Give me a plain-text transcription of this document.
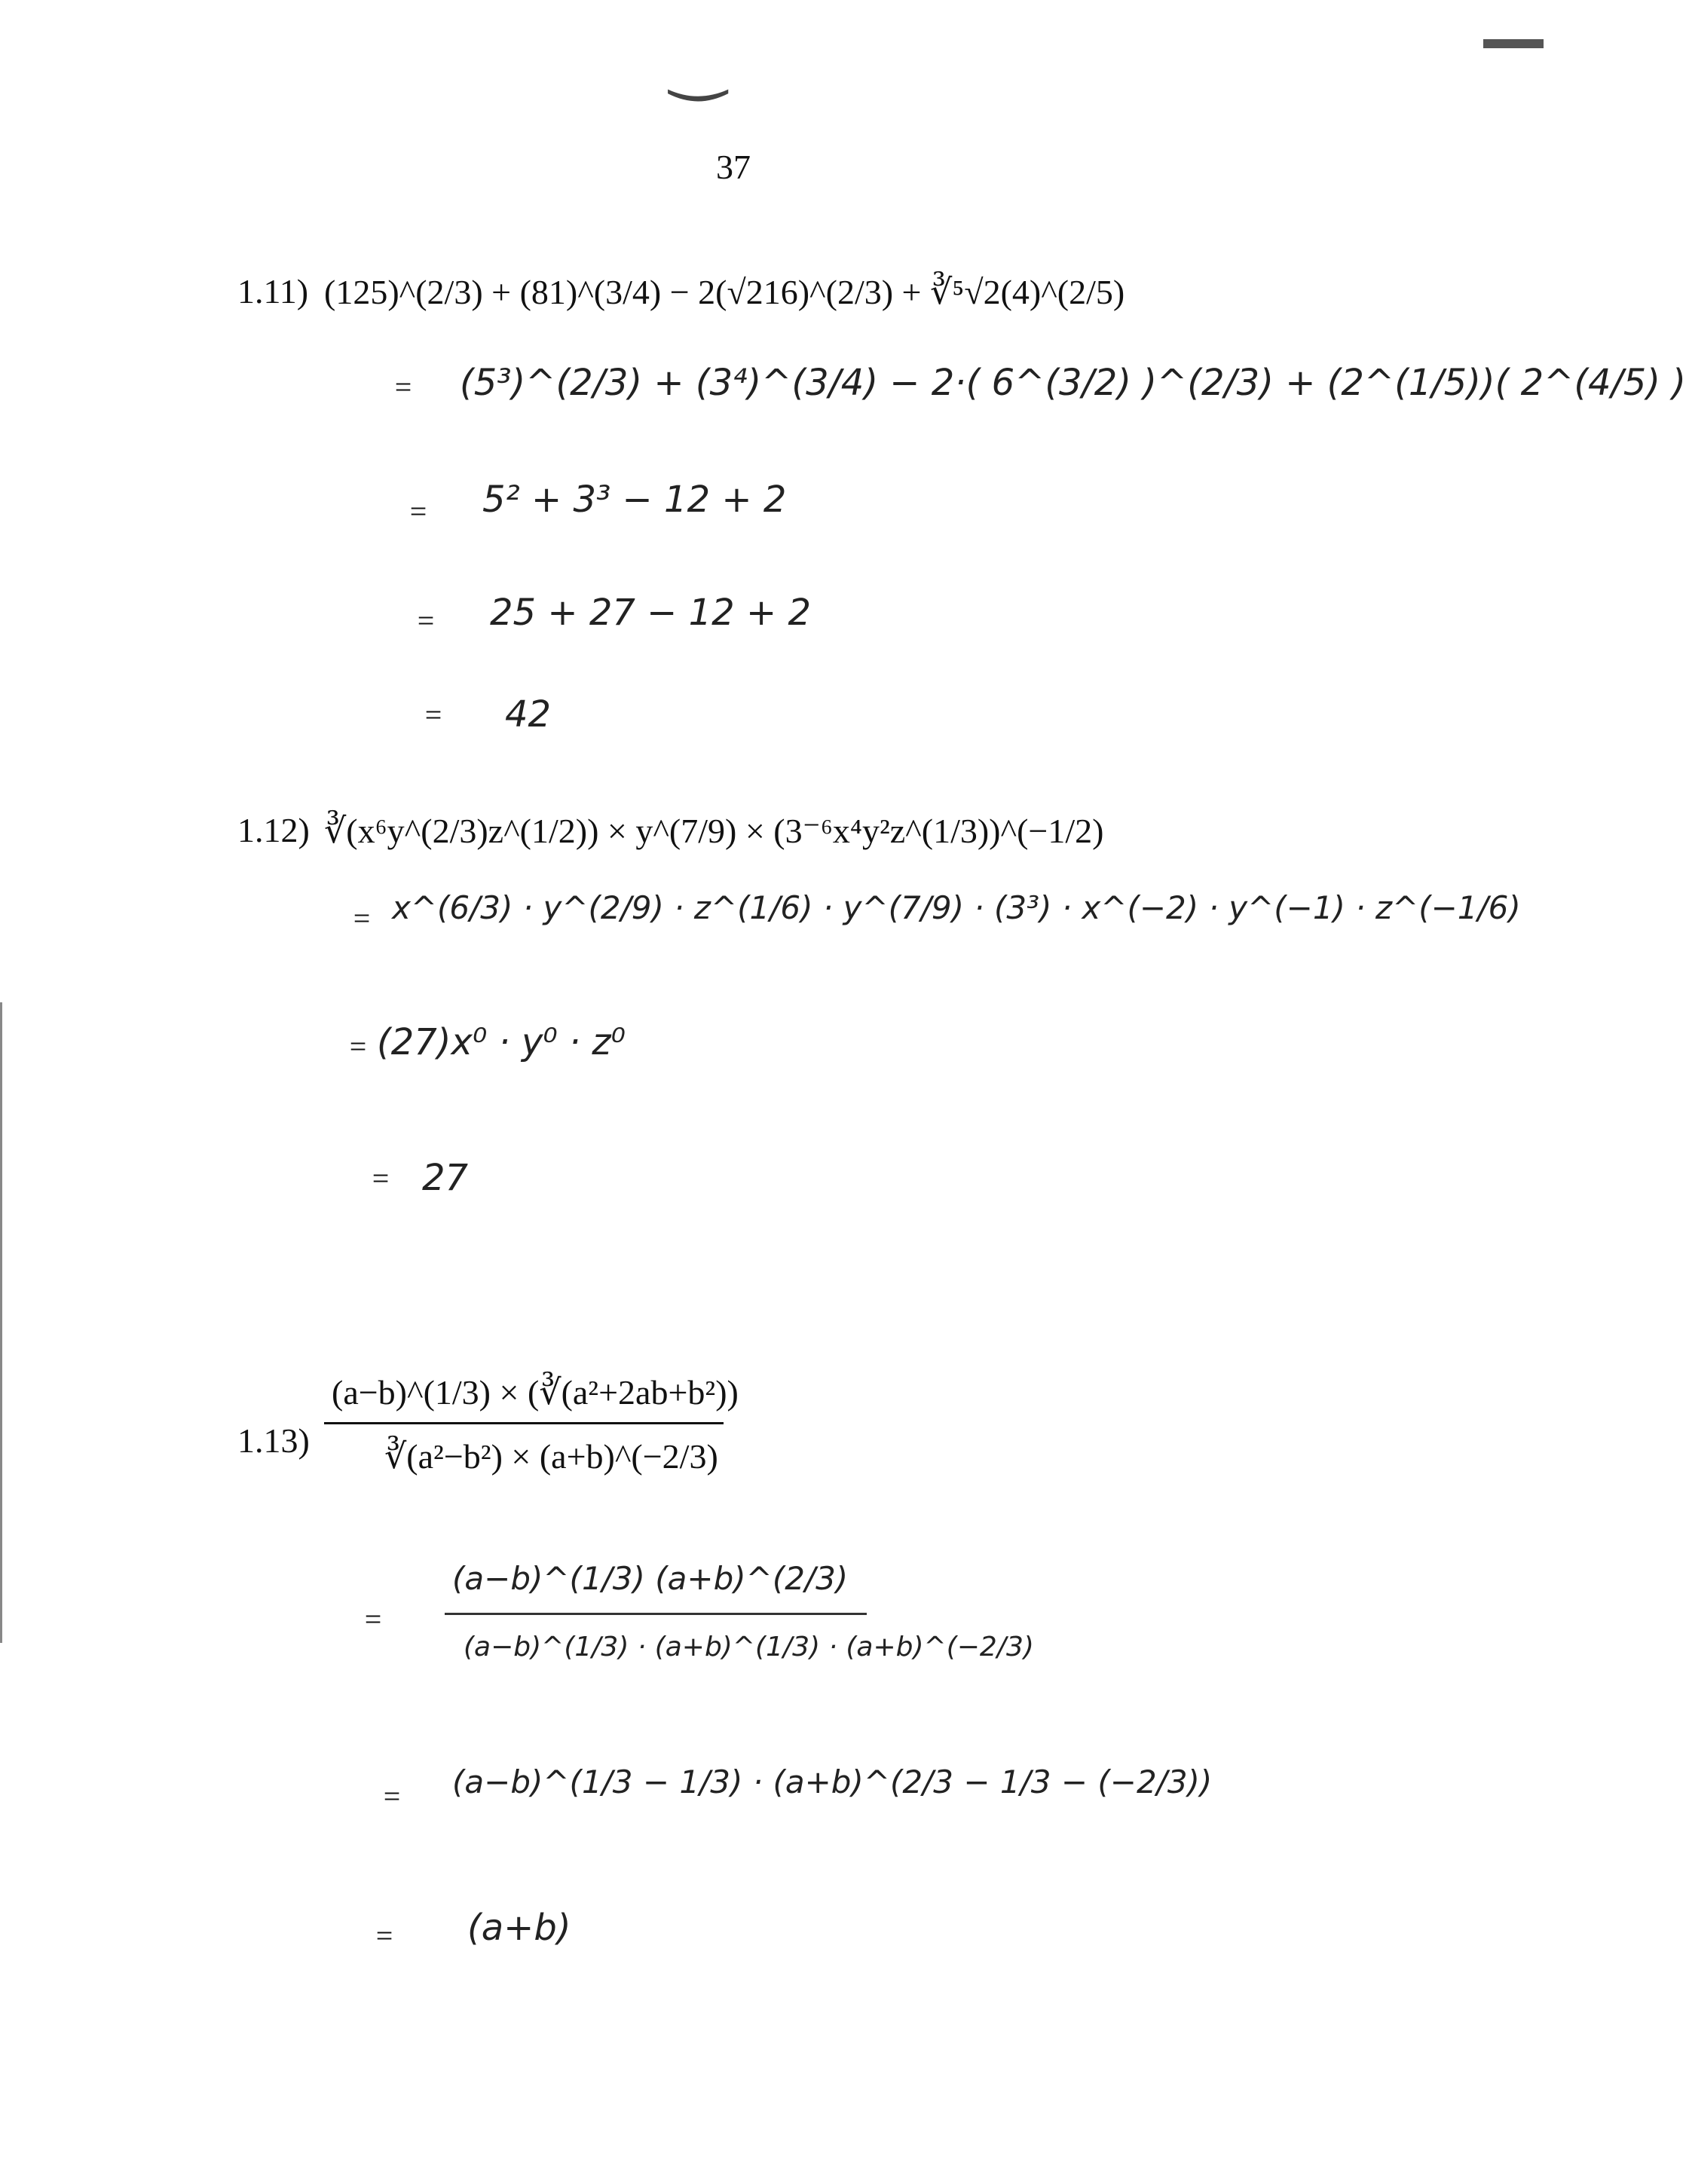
‿
37
1.11) (125)^(2/3) + (81)^(3/4) − 2(√216)^(2/3) + ∛⁵√2(4)^(2/5)
= (5³)^(2/3) + (3⁴)^(3/4) − 2·( 6^(3/2) )^(2/3) + (2^(1/5))( 2^(4/5) )
= 5² + 3³ − 12 + 2
= 25 + 27 − 12 + 2
= 42
1.12) ∛(x⁶y^(2/3)z^(1/2)) × y^(7/9) × (3⁻⁶x⁴y²z^(1/3))^(−1/2)
= x^(6/3) · y^(2/9) · z^(1/6) · y^(7/9) · (3³) · x^(−2) · y^(−1) · z^(−1/6)
= (27)x⁰ · y⁰ · z⁰
= 27
1.13)
(a−b)^(1/3) × (∛(a²+2ab+b²))
∛(a²−b²) × (a+b)^(−2/3)
=
(a−b)^(1/3) (a+b)^(2/3)
(a−b)^(1/3) · (a+b)^(1/3) · (a+b)^(−2/3)
= (a−b)^(1/3 − 1/3) · (a+b)^(2/3 − 1/3 − (−2/3))
= (a+b)
